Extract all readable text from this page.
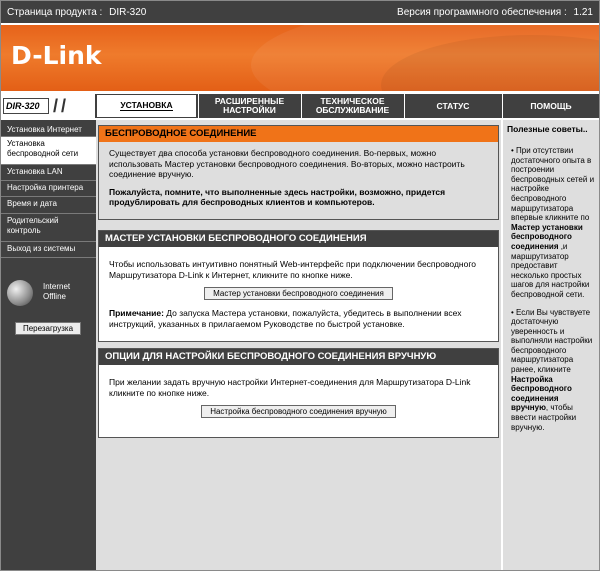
Страница продукта : DIR-320	Версия программного обеспечения : 1.21
D-Link
DIR-320 / /	УСТАНОВКА	РАСШИРЕННЫЕ НАСТРОЙКИ
ТЕХНИЧЕСКОЕ ОБСЛУЖИВАНИЕ	СТАТУС	ПОМОЩЬ
Установка Интернет
Установка беспроводной сети
Установка LAN
Настройка принтера
Время и дата
Родительский контроль
Выход из системы
Internet
Offline
Перезагрузка
БЕСПРОВОДНОЕ СОЕДИНЕНИЕ

Существует два способа установки беспроводного соединения. Во-первых, можно использовать Мастер установки беспроводного соединения. Во-вторых, можно настроить соединение вручную.

Пожалуйста, помните, что выполненные здесь настройки, возможно, придется продублировать для беспроводных клиентов и компьютеров.

МАСТЕР УСТАНОВКИ БЕСПРОВОДНОГО СОЕДИНЕНИЯ

Чтобы использовать интуитивно понятный Web-интерфейс при подключении беспроводного Маршрутизатора D-Link к Интернет, кликните по кнопке ниже.

Мастер установки беспроводного соединения

Примечание: До запуска Мастера установки, пожалуйста, убедитесь в выполнении всех инструкций, указанных в прилагаемом Руководстве по быстрой установке.

ОПЦИИ ДЛЯ НАСТРОЙКИ БЕСПРОВОДНОГО СОЕДИНЕНИЯ ВРУЧНУЮ

При желании задать вручную настройки Интернет-соединения для Маршрутизатора D-Link кликните по кнопке ниже.

Настройка беспроводного соединения вручную
Полезные советы..
• При отсутствии достаточного опыта в построении беспроводных сетей и настройке беспроводного маршрутизатора впервые кликните по Мастер установки беспроводного соединения ,и маршрутизатор предоставит несколько простых шагов для настройки беспроводной сети.
• Если Вы чувствуете достаточную уверенность и выполняли настройки беспроводного маршрутизатора ранее, кликните Настройка беспроводного соединения вручную, чтобы ввести настройки вручную.
